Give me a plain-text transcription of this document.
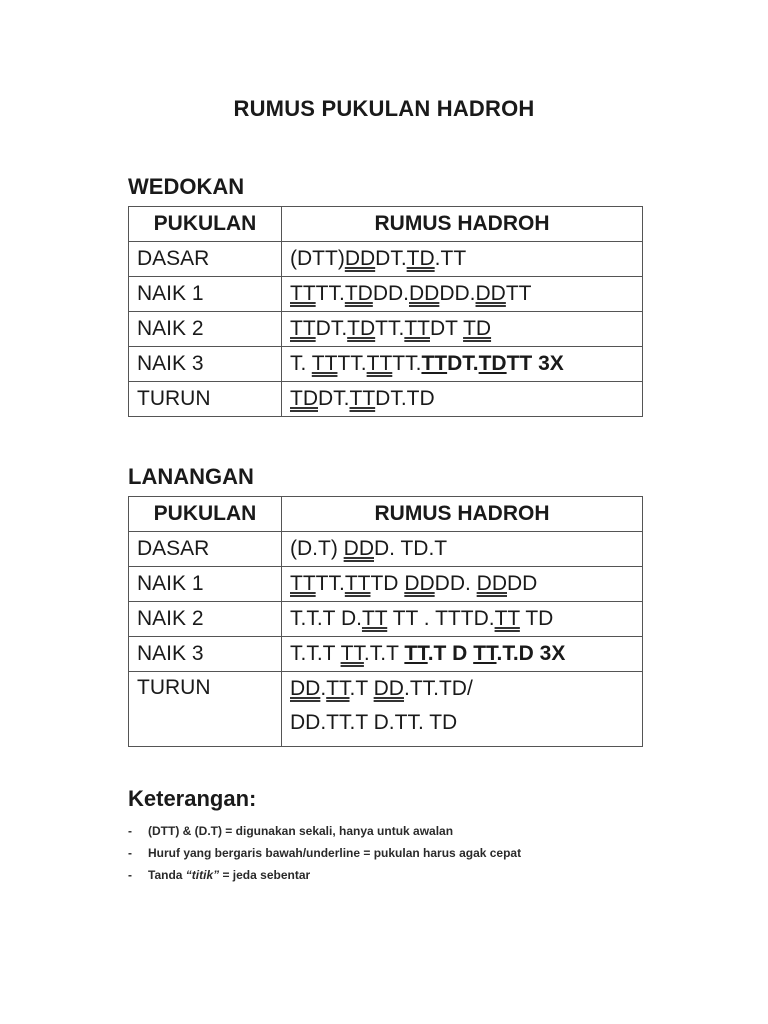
RUMUS PUKULAN HADROH
WEDOKAN
PUKULAN	RUMUS HADROH
DASAR	(DTT)DDDT.TD.TT

NAIK 1	TTTT.TDDD.DDDD.DDTT

NAIK 2	TTDT.TDTT.TTDT TD

NAIK 3	T. TTTT.TTTT.TTDT.TDTT 3X

TURUN	TDDT.TTDT.TD
LANANGAN
PUKULAN	RUMUS HADROH
DASAR	(D.T) DDD. TD.T

NAIK 1	TTTT.TTTD DDDD. DDDD

NAIK 2	T.T.T D.TT TT . TTTD.TT TD

NAIK 3	T.T.T TT.T.T TT.T D TT.T.D 3X

TURUN	DD.TT.T DD.TT.TD/
DD.TT.T D.TT. TD
Keterangan:
- (DTT) & (D.T) = digunakan sekali, hanya untuk awalan
- Huruf yang bergaris bawah/underline = pukulan harus agak cepat
- Tanda “titik” = jeda sebentar
